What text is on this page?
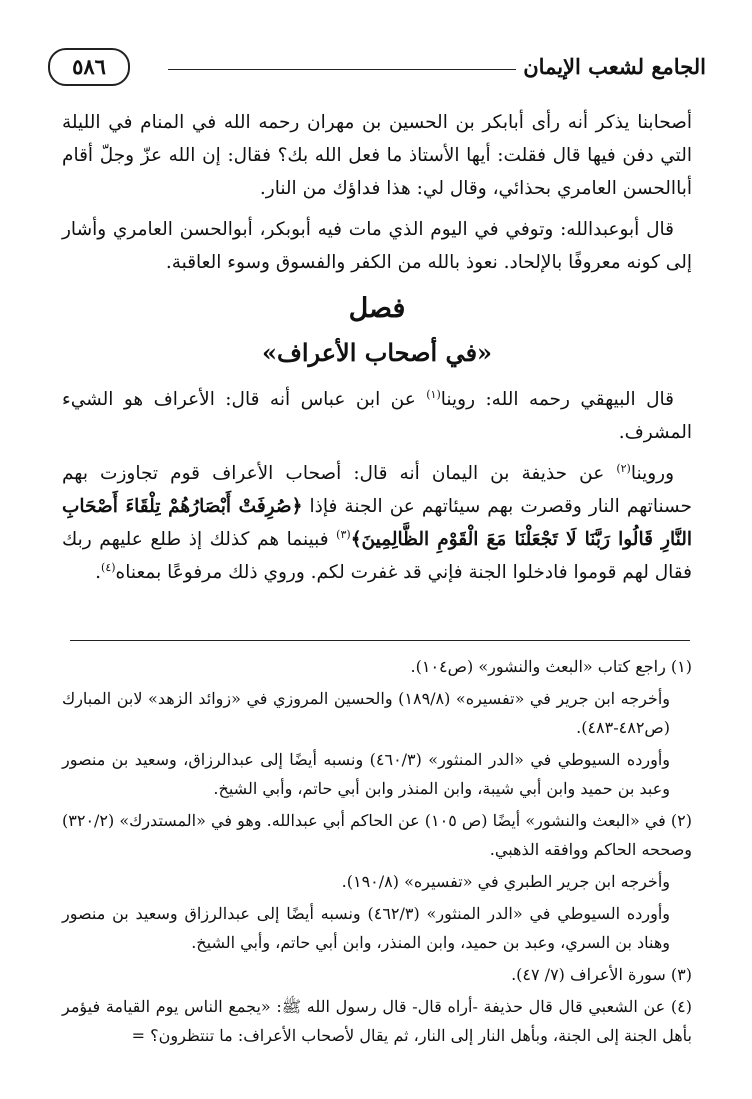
الجامع لشعب الإيمان
٥٨٦

أصحابنا يذكر أنه رأى أبابكر بن الحسين بن مهران رحمه الله في المنام في الليلة التي دفن فيها قال فقلت: أيها الأستاذ ما فعل الله بك؟ فقال: إن الله عزّ وجلّ أقام أباالحسن العامري بحذائي، وقال لي: هذا فداؤك من النار.

قال أبوعبدالله: وتوفي في اليوم الذي مات فيه أبوبكر، أبوالحسن العامري وأشار إلى كونه معروفًا بالإلحاد. نعوذ بالله من الكفر والفسوق وسوء العاقبة.

فصل
«في أصحاب الأعراف»

قال البيهقي رحمه الله: روينا$^{(١)}$ عن ابن عباس أنه قال: الأعراف هو الشيء المشرف.

وروينا$^{(٢)}$ عن حذيفة بن اليمان أنه قال: أصحاب الأعراف قوم تجاوزت بهم حسناتهم النار وقصرت بهم سيئاتهم عن الجنة فإذا ﴿صُرِفَتْ أَبْصَارُهُمْ تِلْقَاءَ أَصْحَابِ النَّارِ قَالُوا رَبَّنَا لَا تَجْعَلْنَا مَعَ الْقَوْمِ الظَّالِمِينَ﴾$^{(٣)}$ فبينما هم كذلك إذ طلع عليهم ربك فقال لهم قوموا فادخلوا الجنة فإني قد غفرت لكم. وروي ذلك مرفوعًا بمعناه$^{(٤)}$.

(١) راجع كتاب «البعث والنشور» (ص١٠٤).

وأخرجه ابن جرير في «تفسيره» (١٨٩/٨) والحسين المروزي في «زوائد الزهد» لابن المبارك (ص٤٨٢-٤٨٣).

وأورده السيوطي في «الدر المنثور» (٤٦٠/٣) ونسبه أيضًا إلى عبدالرزاق، وسعيد بن منصور وعبد بن حميد وابن أبي شيبة، وابن المنذر وابن أبي حاتم، وأبي الشيخ.

(٢) في «البعث والنشور» أيضًا (ص ١٠٥) عن الحاكم أبي عبدالله. وهو في «المستدرك» (٣٢٠/٢) وصححه الحاكم ووافقه الذهبي.

وأخرجه ابن جرير الطبري في «تفسيره» (١٩٠/٨).

وأورده السيوطي في «الدر المنثور» (٤٦٢/٣) ونسبه أيضًا إلى عبدالرزاق وسعيد بن منصور وهناد بن السري، وعبد بن حميد، وابن المنذر، وابن أبي حاتم، وأبي الشيخ.

(٣) سورة الأعراف (٧/ ٤٧).

(٤) عن الشعبي قال قال حذيفة -أراه قال- قال رسول الله ﷺ: «يجمع الناس يوم القيامة فيؤمر بأهل الجنة إلى الجنة، وبأهل النار إلى النار، ثم يقال لأصحاب الأعراف: ما تنتظرون؟ =
